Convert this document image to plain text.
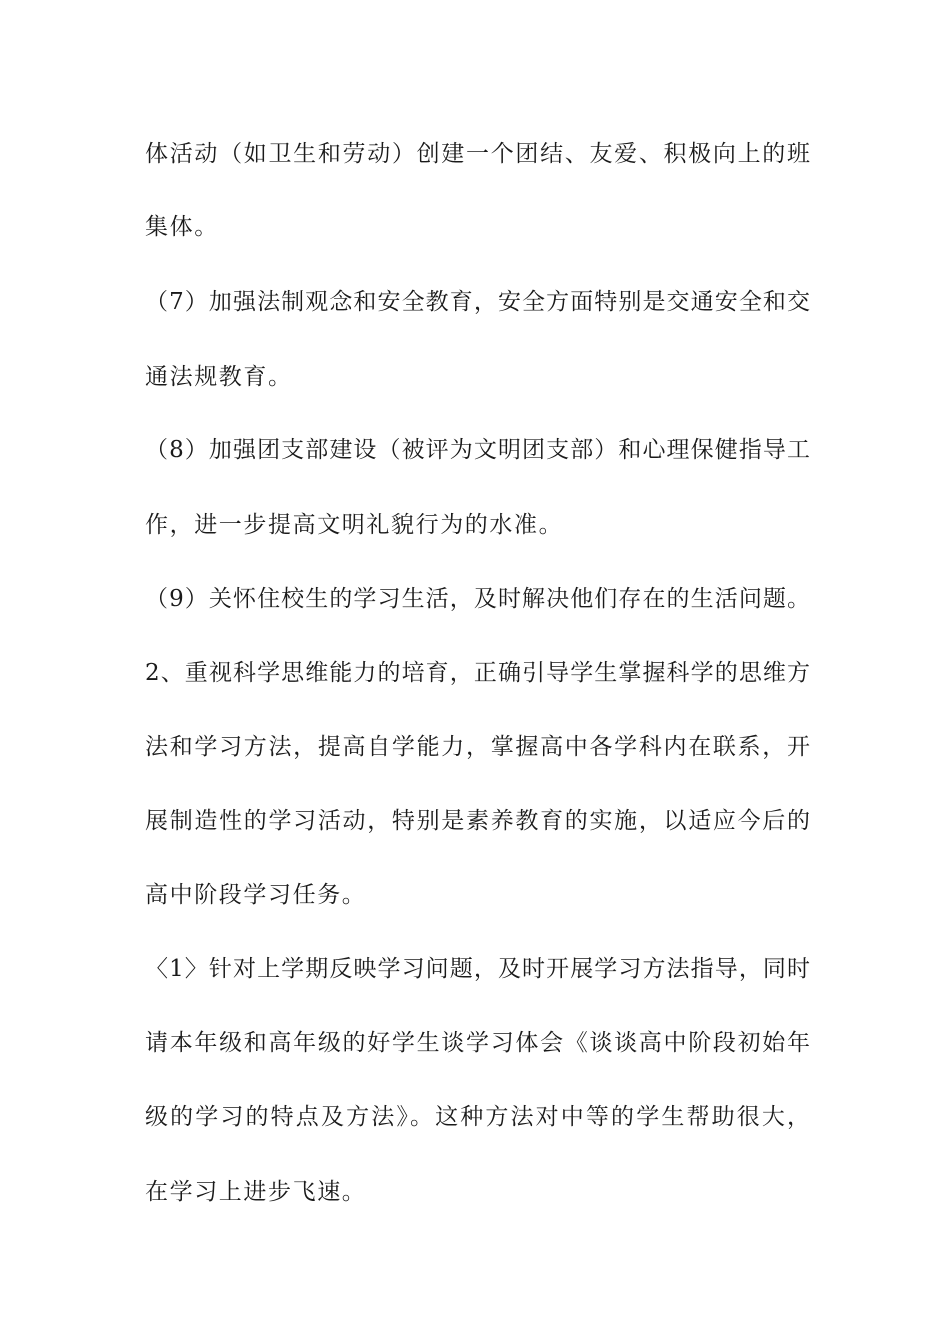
体活动（如卫生和劳动）创建一个团结、友爱、积极向上的班
集体。
（7）加强法制观念和安全教育，安全方面特别是交通安全和交
通法规教育。
（8）加强团支部建设（被评为文明团支部）和心理保健指导工
作，进一步提高文明礼貌行为的水准。
（9）关怀住校生的学习生活，及时解决他们存在的生活问题。
2、重视科学思维能力的培育，正确引导学生掌握科学的思维方
法和学习方法，提高自学能力，掌握高中各学科内在联系，开
展制造性的学习活动，特别是素养教育的实施，以适应今后的
高中阶段学习任务。
〈1〉针对上学期反映学习问题，及时开展学习方法指导，同时
请本年级和高年级的好学生谈学习体会《谈谈高中阶段初始年
级的学习的特点及方法》。这种方法对中等的学生帮助很大，
在学习上进步飞速。
